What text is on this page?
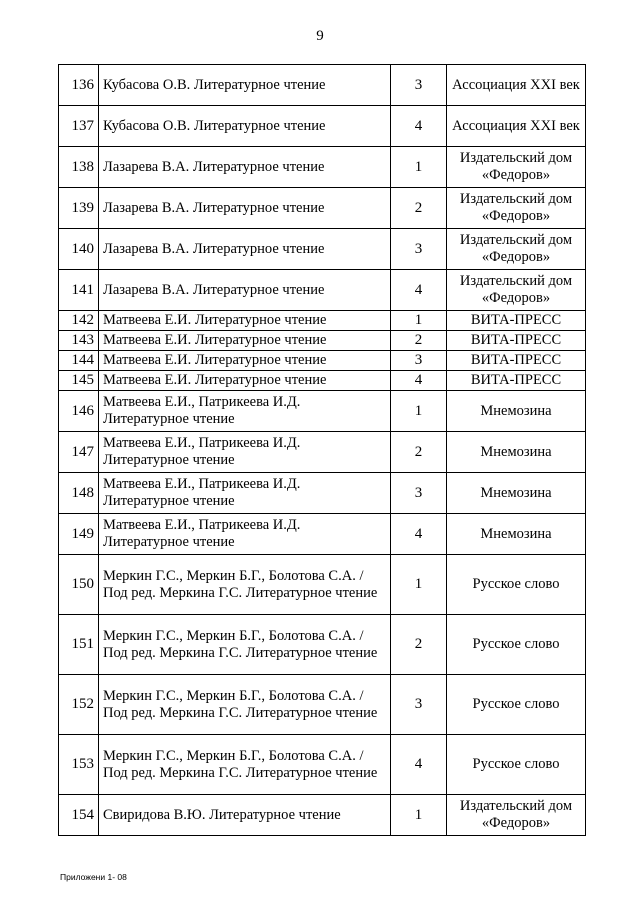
9
136	Кубасова О.В. Литературное чтение	3	Ассоциация XXI век
137	Кубасова О.В. Литературное чтение	4	Ассоциация XXI век
138	Лазарева В.А. Литературное чтение	1	Издательский дом «Федоров»
139	Лазарева В.А. Литературное чтение	2	Издательский дом «Федоров»
140	Лазарева В.А. Литературное чтение	3	Издательский дом «Федоров»
141	Лазарева В.А. Литературное чтение	4	Издательский дом «Федоров»
142	Матвеева Е.И. Литературное чтение	1	ВИТА-ПРЕСС
143	Матвеева Е.И. Литературное чтение	2	ВИТА-ПРЕСС
144	Матвеева Е.И. Литературное чтение	3	ВИТА-ПРЕСС
145	Матвеева Е.И. Литературное чтение	4	ВИТА-ПРЕСС
146	Матвеева Е.И., Патрикеева И.Д. Литературное чтение	1	Мнемозина
147	Матвеева Е.И., Патрикеева И.Д. Литературное чтение	2	Мнемозина
148	Матвеева Е.И., Патрикеева И.Д. Литературное чтение	3	Мнемозина
149	Матвеева Е.И., Патрикеева И.Д. Литературное чтение	4	Мнемозина
150	Меркин Г.С., Меркин Б.Г., Болотова С.А. / Под ред. Меркина Г.С. Литературное чтение	1	Русское слово
151	Меркин Г.С., Меркин Б.Г., Болотова С.А. / Под ред. Меркина Г.С. Литературное чтение	2	Русское слово
152	Меркин Г.С., Меркин Б.Г., Болотова С.А. / Под ред. Меркина Г.С. Литературное чтение	3	Русское слово
153	Меркин Г.С., Меркин Б.Г., Болотова С.А. / Под ред. Меркина Г.С. Литературное чтение	4	Русское слово
154	Свиридова В.Ю. Литературное чтение	1	Издательский дом «Федоров»
Приложени 1- 08
